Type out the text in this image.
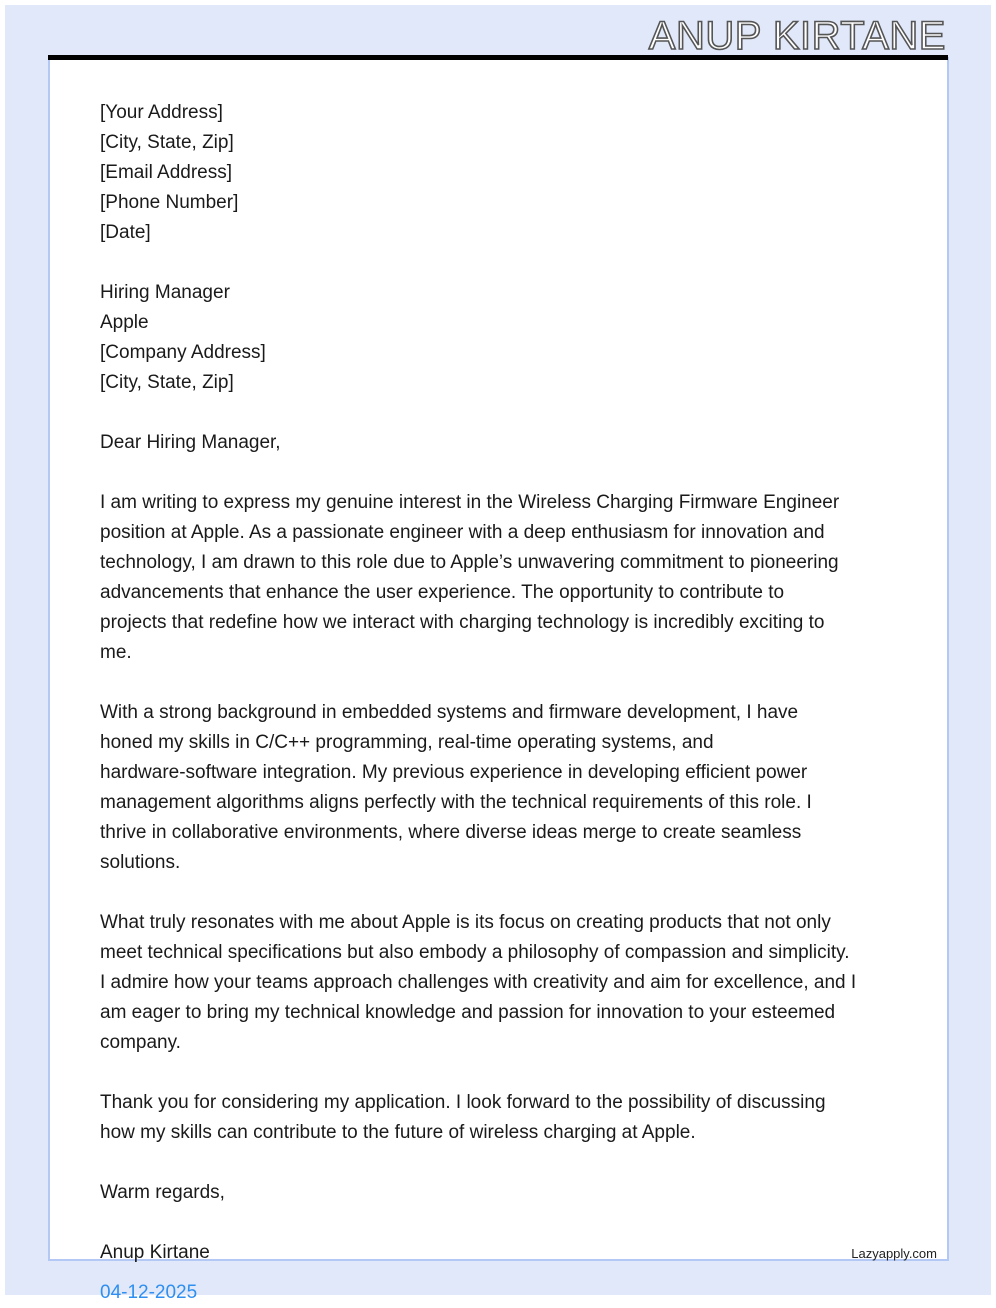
ANUP KIRTANE
[Your Address]
[City, State, Zip]
[Email Address]
[Phone Number]
[Date]
Hiring Manager
Apple
[Company Address]
[City, State, Zip]
Dear Hiring Manager,
I am writing to express my genuine interest in the Wireless Charging Firmware Engineer
position at Apple. As a passionate engineer with a deep enthusiasm for innovation and
technology, I am drawn to this role due to Apple’s unwavering commitment to pioneering
advancements that enhance the user experience. The opportunity to contribute to
projects that redefine how we interact with charging technology is incredibly exciting to
me.
With a strong background in embedded systems and firmware development, I have
honed my skills in C/C++ programming, real-time operating systems, and
hardware-software integration. My previous experience in developing efficient power
management algorithms aligns perfectly with the technical requirements of this role. I
thrive in collaborative environments, where diverse ideas merge to create seamless
solutions.
What truly resonates with me about Apple is its focus on creating products that not only
meet technical specifications but also embody a philosophy of compassion and simplicity.
I admire how your teams approach challenges with creativity and aim for excellence, and I
am eager to bring my technical knowledge and passion for innovation to your esteemed
company.
Thank you for considering my application. I look forward to the possibility of discussing
how my skills can contribute to the future of wireless charging at Apple.
Warm regards,
Anup Kirtane
04-12-2025
Lazyapply.com
